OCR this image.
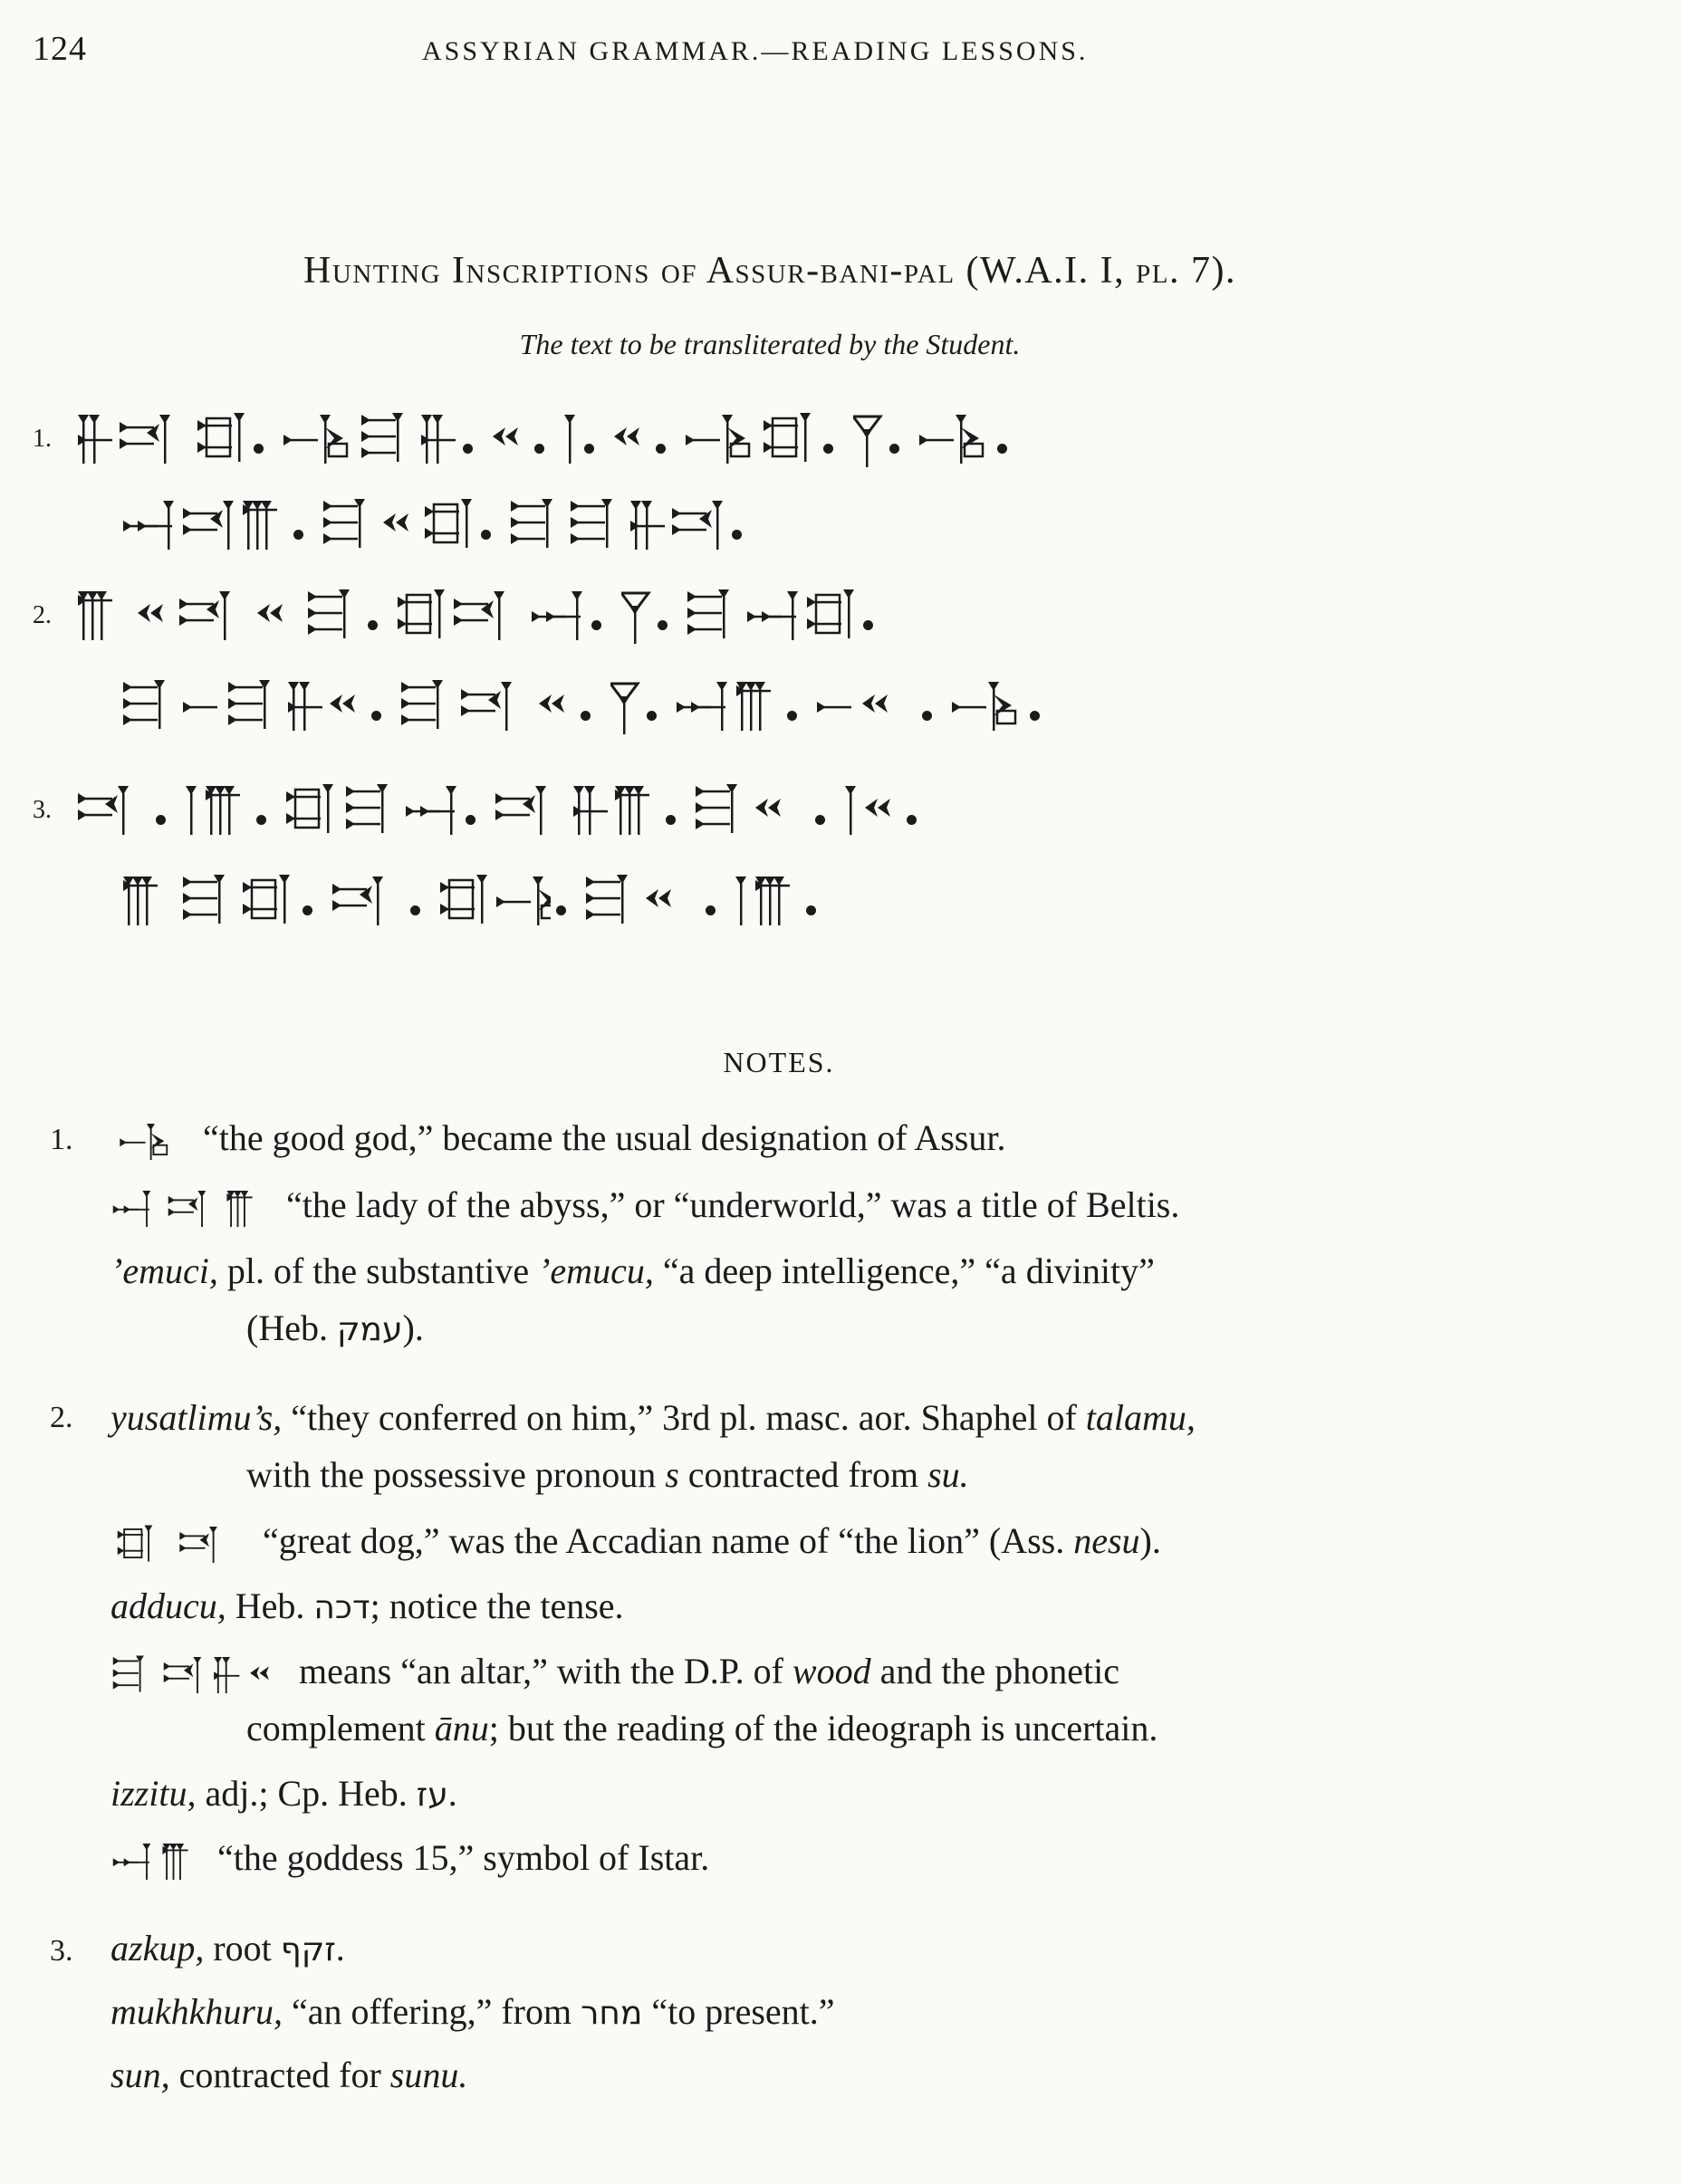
124	ASSYRIAN GRAMMAR.—READING LESSONS.
Hunting Inscriptions of Assur-bani-pal (W.A.I. I, pl. 7).
The text to be transliterated by the Student.
1.
2.
3.
NOTES.
1.	“the good god,” became the usual designation of Assur.
“the lady of the abyss,” or “underworld,” was a title of Beltis.
’emuci, pl. of the substantive ’emucu, “a deep intelligence,” “a divinity”
(Heb. עמק).
2. yusatlimu’s, “they conferred on him,” 3rd pl. masc. aor. Shaphel of talamu,
with the possessive pronoun s contracted from su.
“great dog,” was the Accadian name of “the lion” (Ass. nesu).
adducu, Heb. דכה; notice the tense.
means “an altar,” with the D.P. of wood and the phonetic
complement ānu; but the reading of the ideograph is uncertain.
izzitu, adj.; Cp. Heb. עז.
“the goddess 15,” symbol of Istar.
3. azkup, root זקף.
mukhkhuru, “an offering,” from מחר “to present.”
sun, contracted for sunu.
